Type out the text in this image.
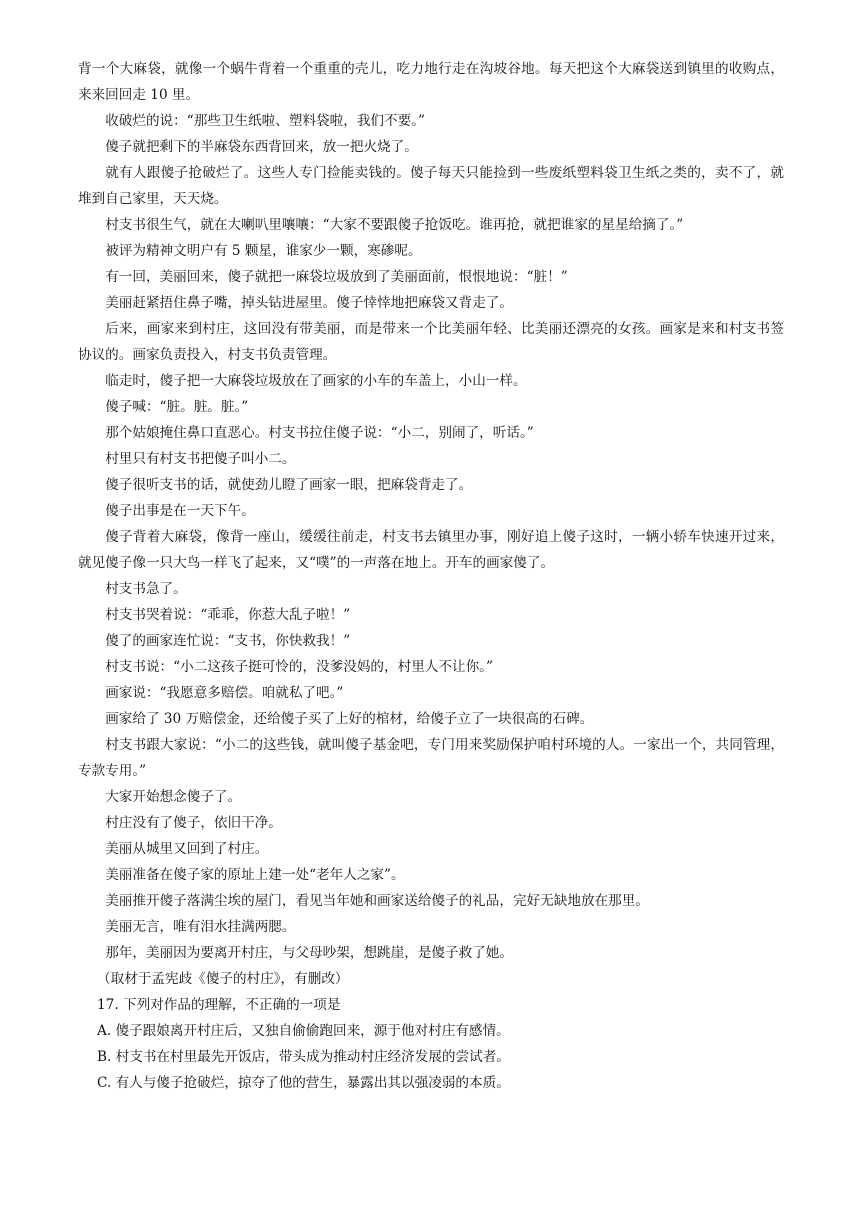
背一个大麻袋，就像一个蜗牛背着一个重重的壳儿，吃力地行走在沟坡谷地。每天把这个大麻袋送到镇里的收购点，来来回回走 10 里。

收破烂的说：“那些卫生纸啦、塑料袋啦，我们不要。”

傻子就把剩下的半麻袋东西背回来，放一把火烧了。

就有人跟傻子抢破烂了。这些人专门捡能卖钱的。傻子每天只能捡到一些废纸塑料袋卫生纸之类的，卖不了，就堆到自己家里，天天烧。

村支书很生气，就在大喇叭里嚷嚷：“大家不要跟傻子抢饭吃。谁再抢，就把谁家的星星给摘了。”

被评为精神文明户有 5 颗星，谁家少一颗，寒碜呢。

有一回，美丽回来，傻子就把一麻袋垃圾放到了美丽面前，恨恨地说：“脏！”

美丽赶紧捂住鼻子嘴，掉头钻进屋里。傻子悻悻地把麻袋又背走了。

后来，画家来到村庄，这回没有带美丽，而是带来一个比美丽年轻、比美丽还漂亮的女孩。画家是来和村支书签协议的。画家负责投入，村支书负责管理。

临走时，傻子把一大麻袋垃圾放在了画家的小车的车盖上，小山一样。

傻子喊：“脏。脏。脏。”

那个姑娘掩住鼻口直恶心。村支书拉住傻子说：“小二，别闹了，听话。”

村里只有村支书把傻子叫小二。

傻子很听支书的话，就使劲儿瞪了画家一眼，把麻袋背走了。

傻子出事是在一天下午。

傻子背着大麻袋，像背一座山，缓缓往前走，村支书去镇里办事，刚好追上傻子这时，一辆小轿车快速开过来，就见傻子像一只大鸟一样飞了起来，又“噗”的一声落在地上。开车的画家傻了。

村支书急了。

村支书哭着说：“乖乖，你惹大乱子啦！”

傻了的画家连忙说：“支书，你快救我！”

村支书说：“小二这孩子挺可怜的，没爹没妈的，村里人不让你。”

画家说：“我愿意多赔偿。咱就私了吧。”

画家给了 30 万赔偿金，还给傻子买了上好的棺材，给傻子立了一块很高的石碑。

村支书跟大家说：“小二的这些钱，就叫傻子基金吧，专门用来奖励保护咱村环境的人。一家出一个，共同管理，专款专用。”

大家开始想念傻子了。

村庄没有了傻子，依旧干净。

美丽从城里又回到了村庄。

美丽准备在傻子家的原址上建一处“老年人之家”。

美丽推开傻子落满尘埃的屋门，看见当年她和画家送给傻子的礼品，完好无缺地放在那里。

美丽无言，唯有泪水挂满两腮。

那年，美丽因为要离开村庄，与父母吵架，想跳崖，是傻子救了她。

（取材于孟宪歧《傻子的村庄》，有删改）

17. 下列对作品的理解，不正确的一项是

A. 傻子跟娘离开村庄后，又独自偷偷跑回来，源于他对村庄有感情。

B. 村支书在村里最先开饭店，带头成为推动村庄经济发展的尝试者。

C. 有人与傻子抢破烂，掠夺了他的营生，暴露出其以强凌弱的本质。
